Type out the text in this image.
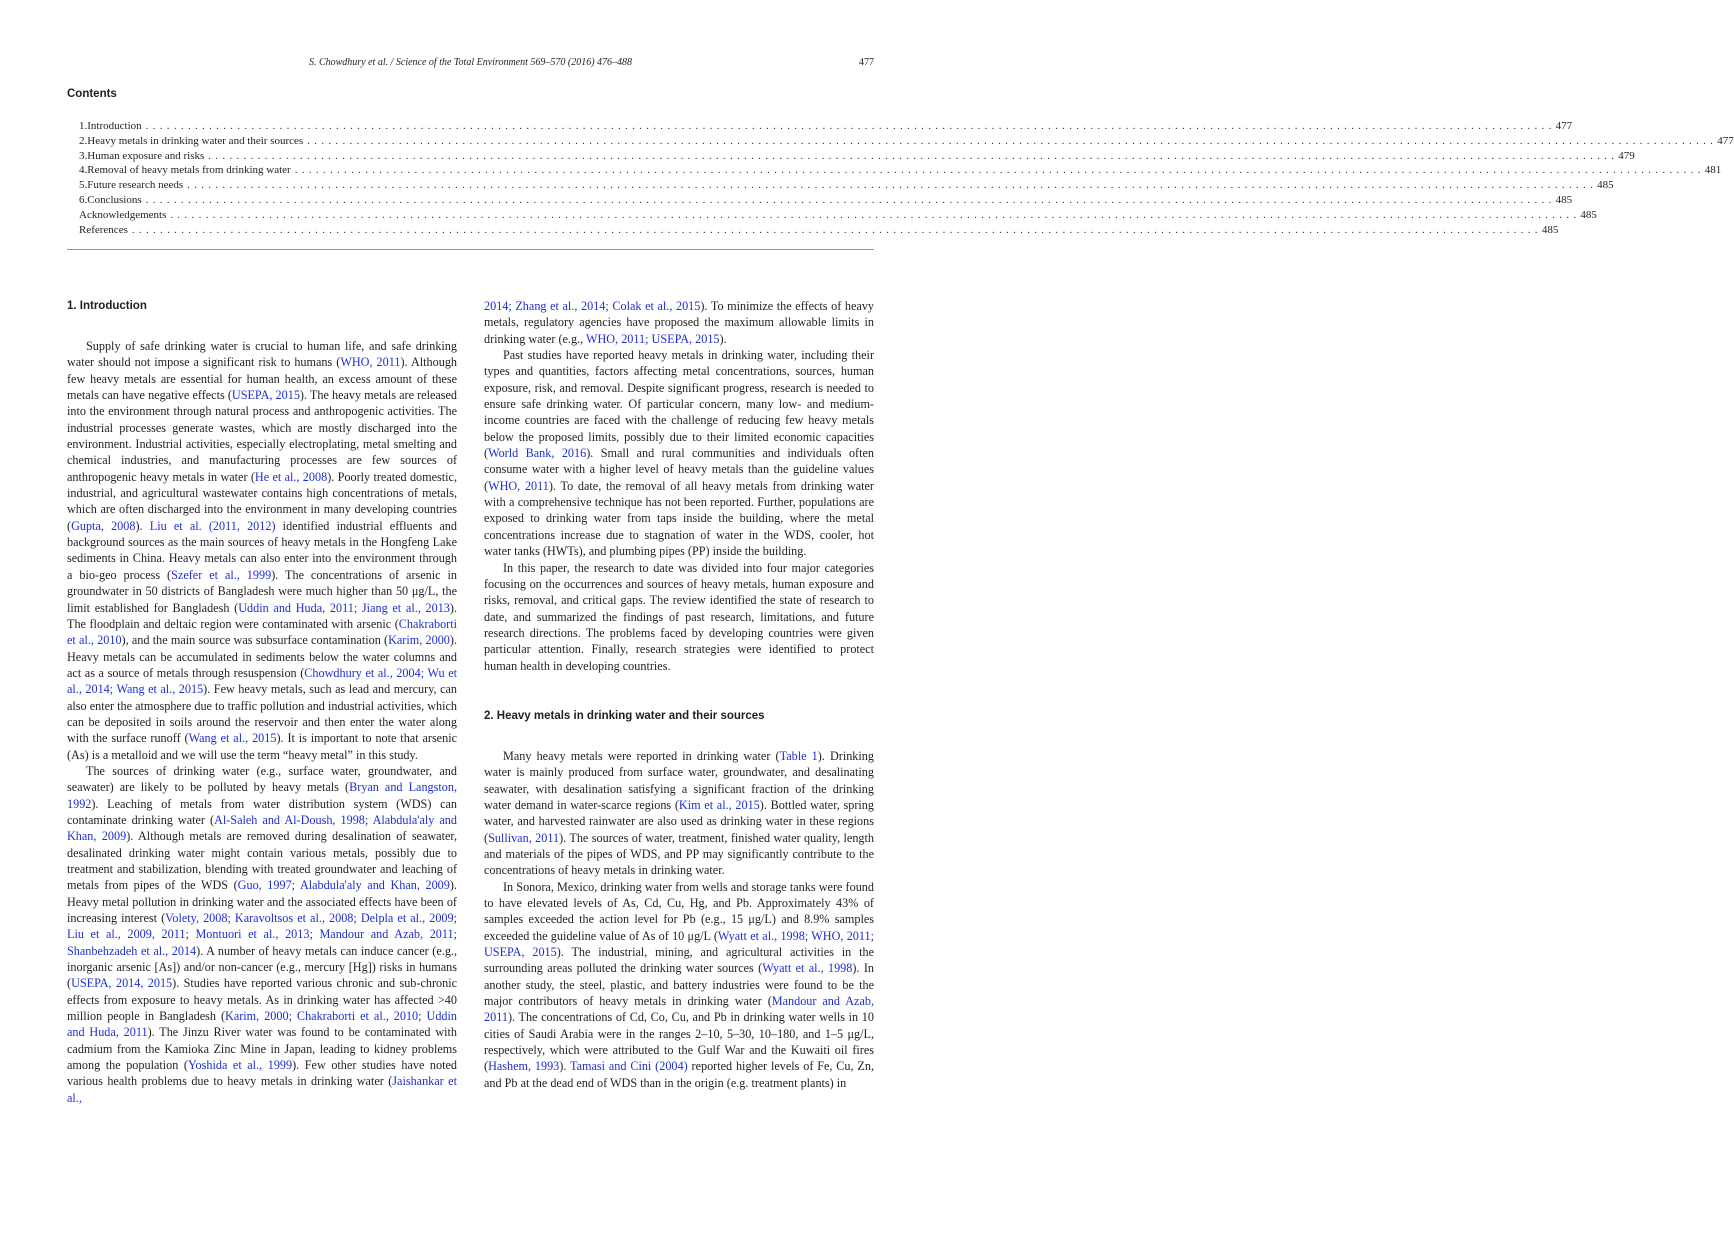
S. Chowdhury et al. / Science of the Total Environment 569–570 (2016) 476–488	477
Contents
1. Introduction ........................................................................................................................................................................................................ 477
2. Heavy metals in drinking water and their sources ........................................................................................................................................................................................................ 477
3. Human exposure and risks ........................................................................................................................................................................................................ 479
4. Removal of heavy metals from drinking water ........................................................................................................................................................................................................ 481
5. Future research needs ........................................................................................................................................................................................................ 485
6. Conclusions ........................................................................................................................................................................................................ 485
Acknowledgements ........................................................................................................................................................................................................ 485
References ........................................................................................................................................................................................................ 485
1. Introduction

Supply of safe drinking water is crucial to human life, and safe drinking water should not impose a significant risk to humans (WHO, 2011). Although few heavy metals are essential for human health, an excess amount of these metals can have negative effects (USEPA, 2015). The heavy metals are released into the environment through natural process and anthropogenic activities. The industrial processes generate wastes, which are mostly discharged into the environment. Industrial activities, especially electroplating, metal smelting and chemical industries, and manufacturing processes are few sources of anthropogenic heavy metals in water (He et al., 2008). Poorly treated domestic, industrial, and agricultural wastewater contains high concentrations of metals, which are often discharged into the environment in many developing countries (Gupta, 2008). Liu et al. (2011, 2012) identified industrial effluents and background sources as the main sources of heavy metals in the Hongfeng Lake sediments in China. Heavy metals can also enter into the environment through a bio-geo process (Szefer et al., 1999). The concentrations of arsenic in groundwater in 50 districts of Bangladesh were much higher than 50 μg/L, the limit established for Bangladesh (Uddin and Huda, 2011; Jiang et al., 2013). The floodplain and deltaic region were contaminated with arsenic (Chakraborti et al., 2010), and the main source was subsurface contamination (Karim, 2000). Heavy metals can be accumulated in sediments below the water columns and act as a source of metals through resuspension (Chowdhury et al., 2004; Wu et al., 2014; Wang et al., 2015). Few heavy metals, such as lead and mercury, can also enter the atmosphere due to traffic pollution and industrial activities, which can be deposited in soils around the reservoir and then enter the water along with the surface runoff (Wang et al., 2015). It is important to note that arsenic (As) is a metalloid and we will use the term “heavy metal” in this study.

The sources of drinking water (e.g., surface water, groundwater, and seawater) are likely to be polluted by heavy metals (Bryan and Langston, 1992). Leaching of metals from water distribution system (WDS) can contaminate drinking water (Al-Saleh and Al-Doush, 1998; Alabdula'aly and Khan, 2009). Although metals are removed during desalination of seawater, desalinated drinking water might contain various metals, possibly due to treatment and stabilization, blending with treated groundwater and leaching of metals from pipes of the WDS (Guo, 1997; Alabdula'aly and Khan, 2009). Heavy metal pollution in drinking water and the associated effects have been of increasing interest (Volety, 2008; Karavoltsos et al., 2008; Delpla et al., 2009; Liu et al., 2009, 2011; Montuori et al., 2013; Mandour and Azab, 2011; Shanbehzadeh et al., 2014). A number of heavy metals can induce cancer (e.g., inorganic arsenic [As]) and/or non-cancer (e.g., mercury [Hg]) risks in humans (USEPA, 2014, 2015). Studies have reported various chronic and sub-chronic effects from exposure to heavy metals. As in drinking water has affected >40 million people in Bangladesh (Karim, 2000; Chakraborti et al., 2010; Uddin and Huda, 2011). The Jinzu River water was found to be contaminated with cadmium from the Kamioka Zinc Mine in Japan, leading to kidney problems among the population (Yoshida et al., 1999). Few other studies have noted various health problems due to heavy metals in drinking water (Jaishankar et al.,

2014; Zhang et al., 2014; Colak et al., 2015). To minimize the effects of heavy metals, regulatory agencies have proposed the maximum allowable limits in drinking water (e.g., WHO, 2011; USEPA, 2015).

Past studies have reported heavy metals in drinking water, including their types and quantities, factors affecting metal concentrations, sources, human exposure, risk, and removal. Despite significant progress, research is needed to ensure safe drinking water. Of particular concern, many low- and medium-income countries are faced with the challenge of reducing few heavy metals below the proposed limits, possibly due to their limited economic capacities (World Bank, 2016). Small and rural communities and individuals often consume water with a higher level of heavy metals than the guideline values (WHO, 2011). To date, the removal of all heavy metals from drinking water with a comprehensive technique has not been reported. Further, populations are exposed to drinking water from taps inside the building, where the metal concentrations increase due to stagnation of water in the WDS, cooler, hot water tanks (HWTs), and plumbing pipes (PP) inside the building.

In this paper, the research to date was divided into four major categories focusing on the occurrences and sources of heavy metals, human exposure and risks, removal, and critical gaps. The review identified the state of research to date, and summarized the findings of past research, limitations, and future research directions. The problems faced by developing countries were given particular attention. Finally, research strategies were identified to protect human health in developing countries.

2. Heavy metals in drinking water and their sources

Many heavy metals were reported in drinking water (Table 1). Drinking water is mainly produced from surface water, groundwater, and desalinating seawater, with desalination satisfying a significant fraction of the drinking water demand in water-scarce regions (Kim et al., 2015). Bottled water, spring water, and harvested rainwater are also used as drinking water in these regions (Sullivan, 2011). The sources of water, treatment, finished water quality, length and materials of the pipes of WDS, and PP may significantly contribute to the concentrations of heavy metals in drinking water.

In Sonora, Mexico, drinking water from wells and storage tanks were found to have elevated levels of As, Cd, Cu, Hg, and Pb. Approximately 43% of samples exceeded the action level for Pb (e.g., 15 μg/L) and 8.9% samples exceeded the guideline value of As of 10 μg/L (Wyatt et al., 1998; WHO, 2011; USEPA, 2015). The industrial, mining, and agricultural activities in the surrounding areas polluted the drinking water sources (Wyatt et al., 1998). In another study, the steel, plastic, and battery industries were found to be the major contributors of heavy metals in drinking water (Mandour and Azab, 2011). The concentrations of Cd, Co, Cu, and Pb in drinking water wells in 10 cities of Saudi Arabia were in the ranges 2–10, 5–30, 10–180, and 1–5 μg/L, respectively, which were attributed to the Gulf War and the Kuwaiti oil fires (Hashem, 1993). Tamasi and Cini (2004) reported higher levels of Fe, Cu, Zn, and Pb at the dead end of WDS than in the origin (e.g. treatment plants) in
